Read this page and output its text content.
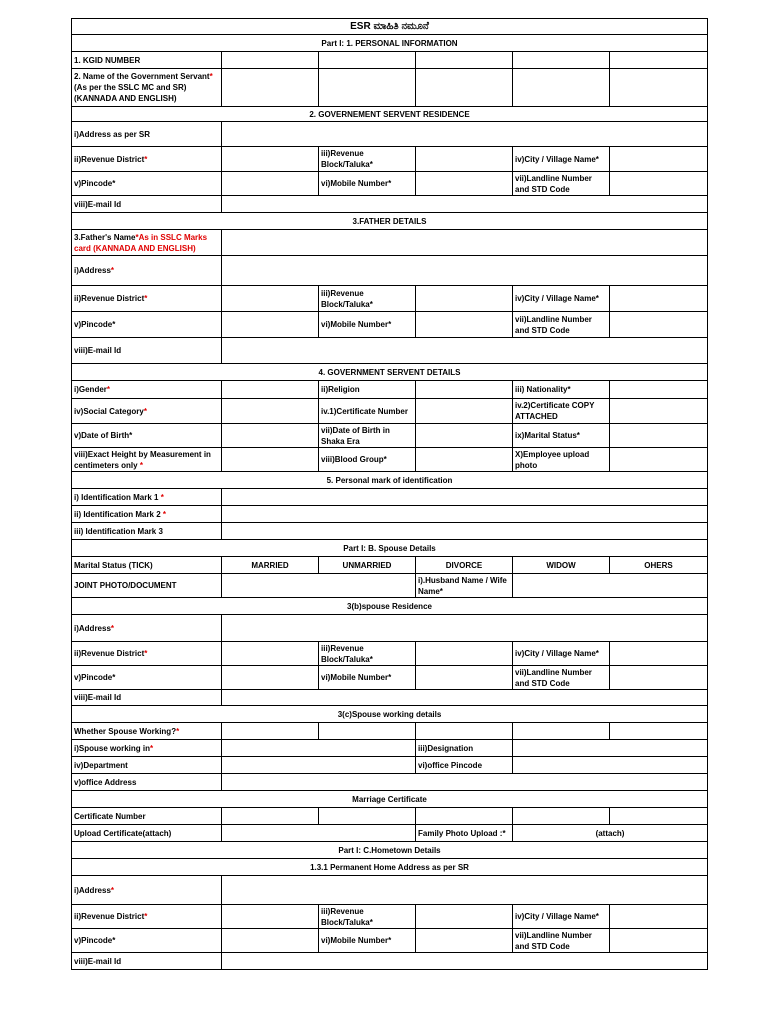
ESR ಮಾಹಿತಿ ನಮೂನೆ					
Part I: 1. PERSONAL INFORMATION					
1. KGID NUMBER					
2. Name of the Government Servant*(As per the SSLC MC and SR) (KANNADA AND ENGLISH)					
2. GOVERNEMENT SERVENT RESIDENCE					
i)Address as per SR					
ii)Revenue District*		iii)Revenue Block/Taluka*		iv)City / Village Name*	
v)Pincode*		vi)Mobile Number*		vii)Landline Number and STD Code	
viii)E-mail Id					
3.FATHER DETAILS					
3.Father's Name*As in SSLC Marks card (KANNADA AND ENGLISH)					
i)Address*					
ii)Revenue District*		iii)Revenue Block/Taluka*		iv)City / Village Name*	
v)Pincode*		vi)Mobile Number*		vii)Landline Number and STD Code	
viii)E-mail Id					
4. GOVERNMENT SERVENT DETAILS					
i)Gender*		ii)Religion		iii) Nationality*	
iv)Social Category*		iv.1)Certificate Number		iv.2)Certificate COPY ATTACHED	
v)Date of Birth*		vii)Date of Birth in Shaka Era		ix)Marital Status*	
viii)Exact Height by Measurement in centimeters only *		viii)Blood Group*		X)Employee upload photo	
5. Personal mark of identification					
i) Identification Mark 1 *					
ii) Identification Mark 2 *					
iii) Identification Mark 3					
Part I: B. Spouse Details					
Marital Status (TICK)	MARRIED	UNMARRIED	DIVORCE	WIDOW	OHERS
JOINT PHOTO/DOCUMENT			i).Husband Name / Wife Name*		
3(b)spouse Residence					
i)Address*					
ii)Revenue District*		iii)Revenue Block/Taluka*		iv)City / Village Name*	
v)Pincode*		vi)Mobile Number*		vii)Landline Number and STD Code	
viii)E-mail Id					
3(c)Spouse working details					
Whether Spouse Working?*					
i)Spouse working in*			iii)Designation		
iv)Department			vi)office Pincode		
v)office Address					
Marriage Certificate					
Certificate Number					
Upload Certificate(attach)			Family Photo Upload :*	(attach)	
Part I: C.Hometown Details					
1.3.1 Permanent Home Address as per SR					
i)Address*					
ii)Revenue District*		iii)Revenue Block/Taluka*		iv)City / Village Name*	
v)Pincode*		vi)Mobile Number*		vii)Landline Number and STD Code	
viii)E-mail Id					
